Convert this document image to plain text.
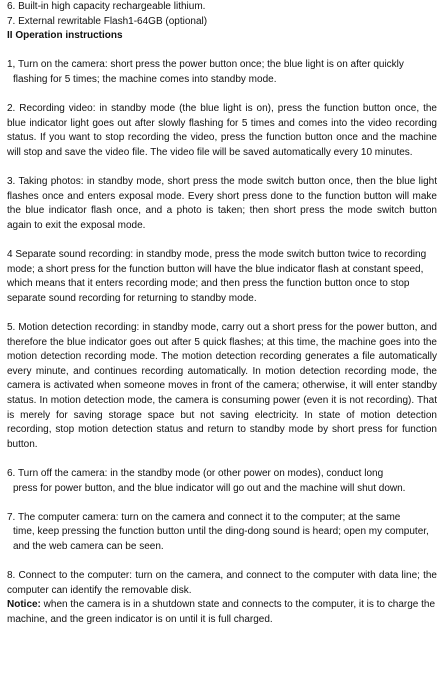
6. Built-in high capacity rechargeable lithium.

7. External rewritable Flash1-64GB (optional)

II Operation instructions

1, Turn on the camera: short press the power button once; the blue light is on after quickly

flashing for 5 times; the machine comes into standby mode.

2. Recording video: in standby mode (the blue light is on), press the function button once, the blue indicator light goes out after slowly flashing for 5 times and comes into the video recording status. If you want to stop recording the video, press the function button once and the machine will stop and save the video file. The video file will be saved automatically every 10 minutes.

3. Taking photos: in standby mode, short press the mode switch button once, then the blue light flashes once and enters exposal mode. Every short press done to the function button will make the blue indicator flash once, and a photo is taken; then short press the mode switch button again to exit the exposal mode.

4 Separate sound recording: in standby mode, press the mode switch button twice to recording mode; a short press for the function button will have the blue indicator flash at constant speed, which means that it enters recording mode; and then press the function button once to stop separate sound recording for returning to standby mode.

5. Motion detection recording: in standby mode, carry out a short press for the power button, and therefore the blue indicator goes out after 5 quick flashes; at this time, the machine goes into the motion detection recording mode. The motion detection recording generates a file automatically every minute, and continues recording automatically. In motion detection recording mode, the camera is activated when someone moves in front of the camera; otherwise, it will enter standby status. In motion detection mode, the camera is consuming power (even it is not recording). That is merely for saving storage space but not saving electricity. In state of motion detection recording, stop motion detection status and return to standby mode by short press for function button.

6. Turn off the camera: in the standby mode (or other power on modes), conduct long

press for power button, and the blue indicator will go out and the machine will shut down.

7. The computer camera: turn on the camera and connect it to the computer; at the same

time, keep pressing the function button until the ding-dong sound is heard; open my computer, and the web camera can be seen.

8. Connect to the computer: turn on the camera, and connect to the computer with data line; the computer can identify the removable disk.

Notice: when the camera is in a shutdown state and connects to the computer, it is to charge the machine, and the green indicator is on until it is full charged.
